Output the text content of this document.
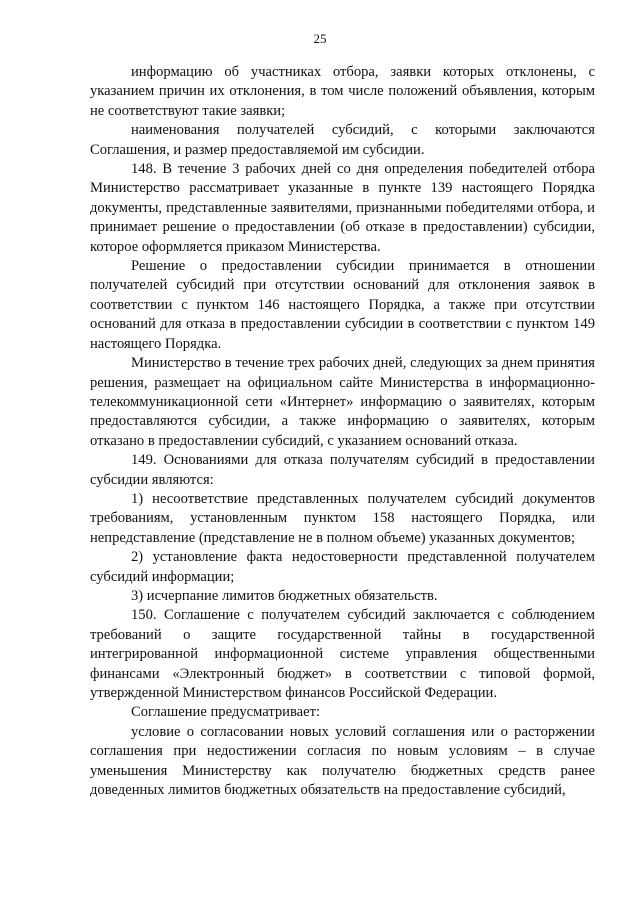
25

информацию об участниках отбора, заявки которых отклонены, с указанием причин их отклонения, в том числе положений объявления, которым не соответствуют такие заявки;

наименования получателей субсидий, с которыми заключаются Соглашения, и размер предоставляемой им субсидии.

148. В течение 3 рабочих дней со дня определения победителей отбора Министерство рассматривает указанные в пункте 139 настоящего Порядка документы, представленные заявителями, признанными победителями отбора, и принимает решение о предоставлении (об отказе в предоставлении) субсидии, которое оформляется приказом Министерства.

Решение о предоставлении субсидии принимается в отношении получателей субсидий при отсутствии оснований для отклонения заявок в соответствии с пунктом 146 настоящего Порядка, а также при отсутствии оснований для отказа в предоставлении субсидии в соответствии с пунктом 149 настоящего Порядка.

Министерство в течение трех рабочих дней, следующих за днем принятия решения, размещает на официальном сайте Министерства в информационно-телекоммуникационной сети «Интернет» информацию о заявителях, которым предоставляются субсидии, а также информацию о заявителях, которым отказано в предоставлении субсидий, с указанием оснований отказа.

149. Основаниями для отказа получателям субсидий в предоставлении субсидии являются:

1) несоответствие представленных получателем субсидий документов требованиям, установленным пунктом 158 настоящего Порядка, или непредставление (представление не в полном объеме) указанных документов;

2) установление факта недостоверности представленной получателем субсидий информации;

3) исчерпание лимитов бюджетных обязательств.

150. Соглашение с получателем субсидий заключается с соблюдением требований о защите государственной тайны в государственной интегрированной информационной системе управления общественными финансами «Электронный бюджет» в соответствии с типовой формой, утвержденной Министерством финансов Российской Федерации.

Соглашение предусматривает:

условие о согласовании новых условий соглашения или о расторжении соглашения при недостижении согласия по новым условиям – в случае уменьшения Министерству как получателю бюджетных средств ранее доведенных лимитов бюджетных обязательств на предоставление субсидий,
